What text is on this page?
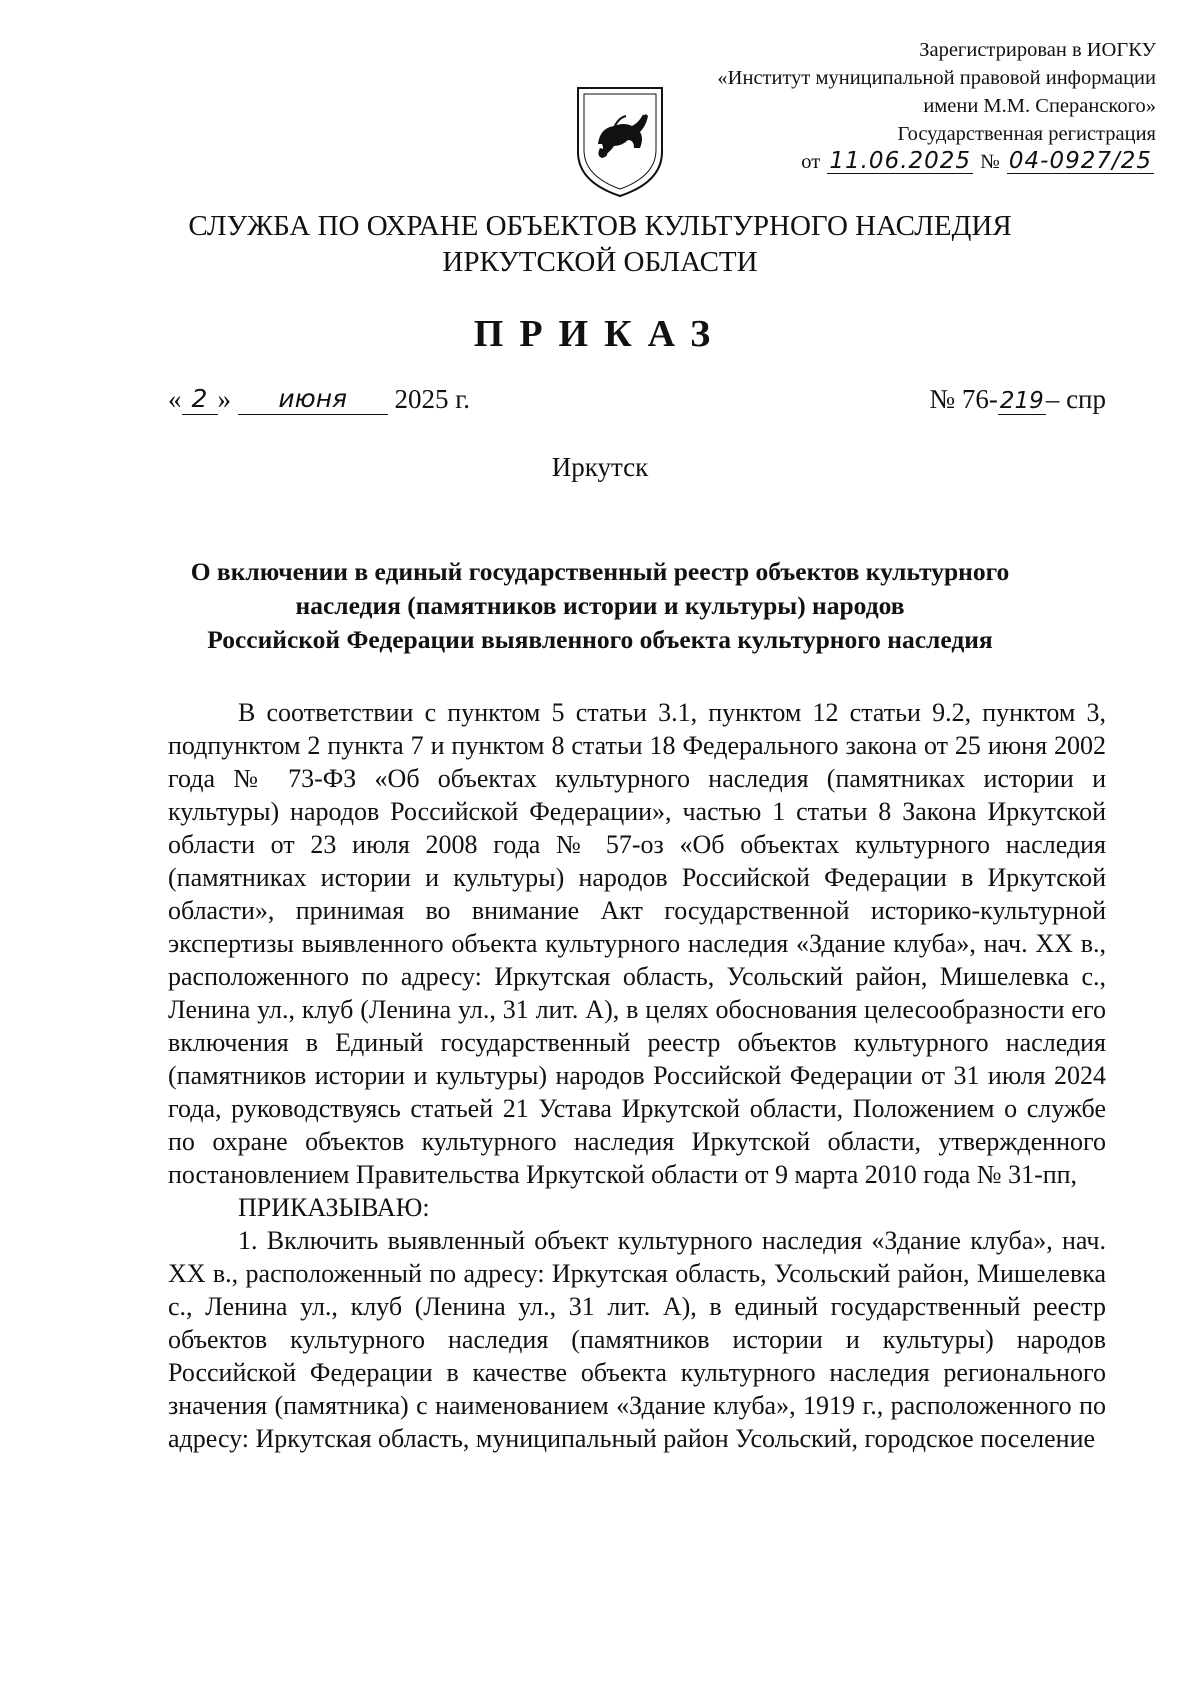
Зарегистрирован в ИОГКУ
«Институт муниципальной правовой информации
имени М.М. Сперанского»
Государственная регистрация
от 11.06.2025 № 04-0927/25
СЛУЖБА ПО ОХРАНЕ ОБЪЕКТОВ КУЛЬТУРНОГО НАСЛЕДИЯ
ИРКУТСКОЙ ОБЛАСТИ
ПРИКАЗ
« 2 » июня 2025 г.	№ 76-219– спр
Иркутск
О включении в единый государственный реестр объектов культурного
наследия (памятников истории и культуры) народов
Российской Федерации выявленного объекта культурного наследия

В соответствии с пунктом 5 статьи 3.1, пунктом 12 статьи 9.2, пунктом 3, подпунктом 2 пункта 7 и пунктом 8 статьи 18 Федерального закона от 25 июня 2002 года № 73-ФЗ «Об объектах культурного наследия (памятниках истории и культуры) народов Российской Федерации», частью 1 статьи 8 Закона Иркутской области от 23 июля 2008 года № 57-оз «Об объектах культурного наследия (памятниках истории и культуры) народов Российской Федерации в Иркутской области», принимая во внимание Акт государственной историко-культурной экспертизы выявленного объекта культурного наследия «Здание клуба», нач. XX в., расположенного по адресу: Иркутская область, Усольский район, Мишелевка с., Ленина ул., клуб (Ленина ул., 31 лит. А), в целях обоснования целесообразности его включения в Единый государственный реестр объектов культурного наследия (памятников истории и культуры) народов Российской Федерации от 31 июля 2024 года, руководствуясь статьей 21 Устава Иркутской области, Положением о службе по охране объектов культурного наследия Иркутской области, утвержденного постановлением Правительства Иркутской области от 9 марта 2010 года № 31-пп,

ПРИКАЗЫВАЮ:

1. Включить выявленный объект культурного наследия «Здание клуба», нач. XX в., расположенный по адресу: Иркутская область, Усольский район, Мишелевка с., Ленина ул., клуб (Ленина ул., 31 лит. А), в единый государственный реестр объектов культурного наследия (памятников истории и культуры) народов Российской Федерации в качестве объекта культурного наследия регионального значения (памятника) с наименованием «Здание клуба», 1919 г., расположенного по адресу: Иркутская область, муниципальный район Усольский, городское поселение
